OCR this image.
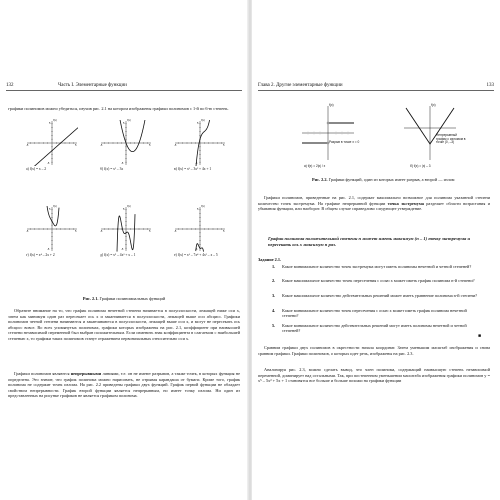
132	Часть I. Элементарные функции

графики полиномов можно убедиться, изучив рис. 2.1 на котором изображены графики полиномов с 1-й по 6-ю степень.

f(x)
5
-5	5
-5
а) f(x) = x – 2
f(x)
5
-5	5
-5
б) f(x) = x² – 3x
f(x)
5
-5	5
-5
в) f(x) = x³ – 3x² + 4x + 1
f(x)
5
-5	5
-5
г) f(x) = x⁴ – 2x + 2
f(x)
5
-5	5
-5
д) f(x) = x⁵ – 4x³ + x – 1
f(x)
5
-5	5
-5
е) f(x) = x⁶ – 7x⁴ + 4x² – x – 5
Рис. 2.1. Графики полиномиальных функций

Обратите внимание на то, что график полинома нечетной степени начинается в полуплоскости, лежащей ниже оси x, затем как минимум один раз пересекает ось x и заканчивается в полуплоскости, лежащей выше оси абсцисс. Графики полиномов четной степени начинаются и заканчиваются в полуплоскости, лежащей выше оси x, и могут не пересекать ось абсцисс вовсе. Во всех упомянутых полиномах, графики которых изображены на рис. 2.1, коэффициент при наивысшей степени независимой переменной был выбран положительным. Если изменить знак коэффициента в слагаемом с наибольшей степенью x, то графики таких полиномов станут отражением первоначальных относительно оси x.

Графики полиномов являются непрерывными линиями, т.е. он не имеют разрывов, а также точек, в которых функция не определена. Это значит, что график полинома можно нарисовать, не отрывая карандаша от бумаги. Кроме того, график полинома не содержит точек излома. На рис. 2.2 приведены графики двух функций. График первой функции не обладает свойством непрерывности. График второй функции является непрерывным, но имеет точку излома. Ни один из представленных на рисунке графиков не является графиком полинома.

Глава 2. Другие элементарные функции	133
f(x)
Разрыв в точке x = 0
а) f(x) = 2|x| / x
f(x)
Непрерывный график с изломом в точке (0, –3)
б) f(x) = |x| – 3
Рис. 2.2. Графики функций, один из которых имеет разрыв, а второй — излом

Графики полиномов, приведенные на рис. 2.1, содержат максимально возможное для полинома указанной степени количество точек экстремума. На графике непрерывной функции точка экстремума разделяет области возрастания и убывания функции, или наоборот. В общем случае справедливо следующее утверждение.

График полинома положительной степени n может иметь максимум (n – 1) точку экстремума и пересекать ось x максимум n раз.
Задание 2.1.
1. Какое минимальное количество точек экстремума могут иметь полиномы нечетной и четной степеней?
2. Какое максимальное количество точек пересечения с осью x может иметь график полинома n-й степени?
3. Какое максимальное количество действительных решений может иметь уравнение полинома n-й степени?
4. Какое минимальное количество точек пересечения с осью x может иметь график полинома нечетной степени?
5. Какое минимальное количество действительных решений могут иметь полиномы нечетной и четной степеней?
■

Сравним графики двух полиномов в окрестности начала координат. Затем уменьшим масштаб изображения и снова сравним графики. Графики полиномов, о которых идет речь, изображены на рис. 2.3.

Анализируя рис. 2.3, можно сделать вывод, что член полинома, содержащий наивысшую степень независимой переменной, доминирует над остальными. Так, при постепенном уменьшении масштаба изображения графики полиномов y = x⁵ – 5x³ + 5x + 1 становятся все больше и больше похожи на графики функции
